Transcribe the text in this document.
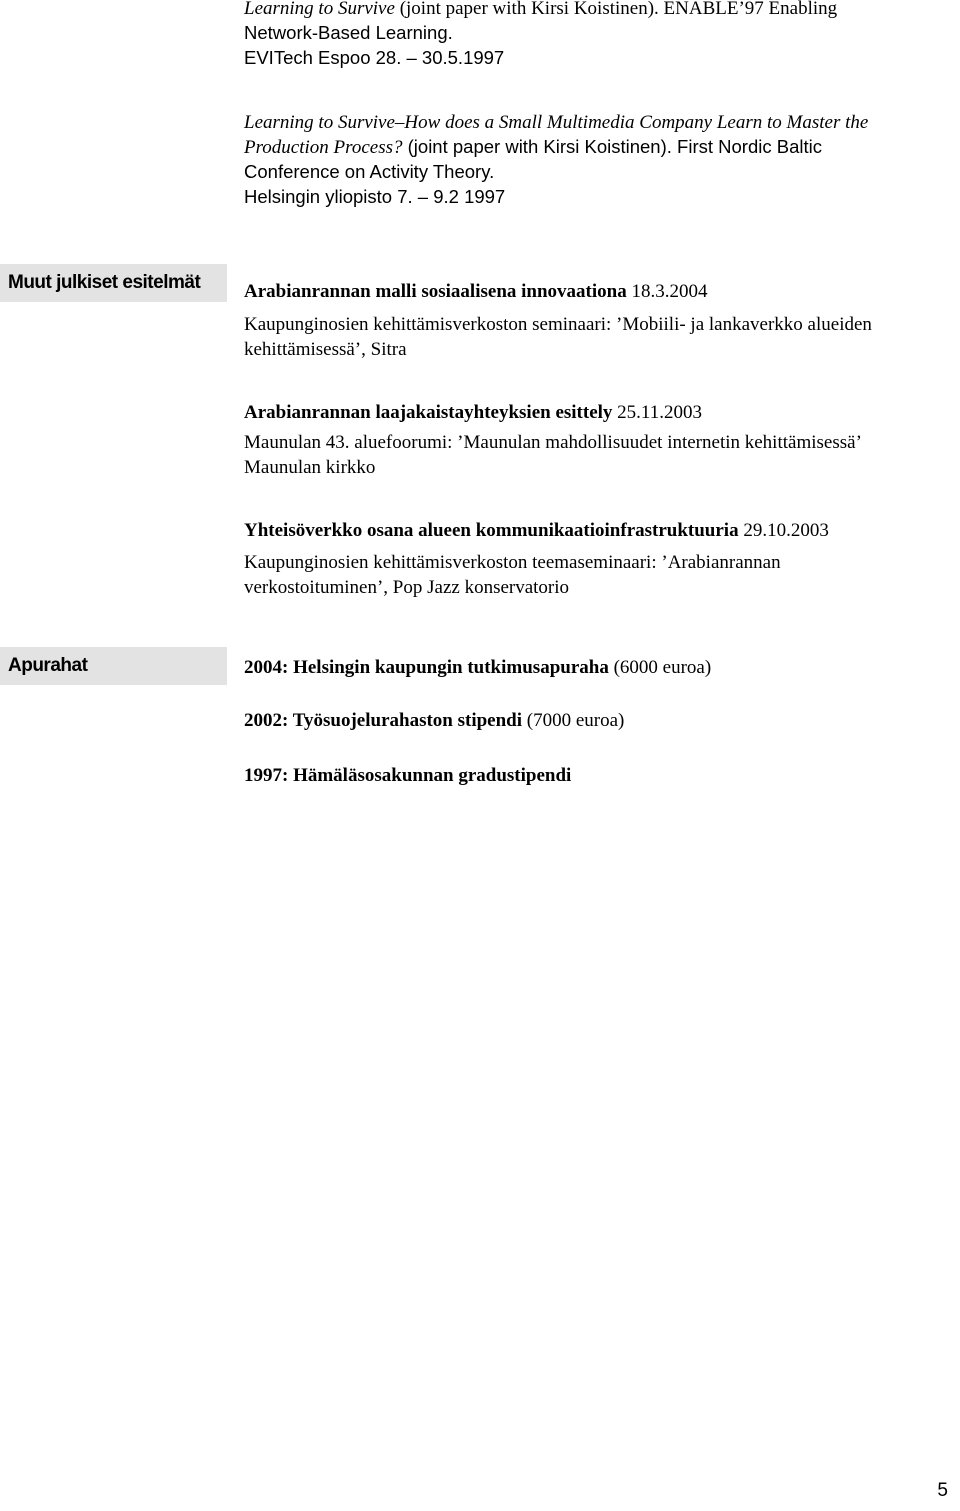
Learning to Survive (joint paper with Kirsi Koistinen). ENABLE’97 Enabling
Network-Based Learning.
EVITech Espoo 28. – 30.5.1997
Learning to Survive–How does a Small Multimedia Company Learn to Master the
Production Process? (joint paper with Kirsi Koistinen). First Nordic Baltic
Conference on Activity Theory.
Helsingin yliopisto 7. – 9.2 1997
Muut julkiset esitelmät	Arabianrannan malli sosiaalisena innovaationa 18.3.2004
Kaupunginosien kehittämisverkoston seminaari: ’Mobiili- ja lankaverkko alueiden
kehittämisessä’, Sitra
Arabianrannan laajakaistayhteyksien esittely 25.11.2003
Maunulan 43. aluefoorumi: ’Maunulan mahdollisuudet internetin kehittämisessä’
Maunulan kirkko
Yhteisöverkko osana alueen kommunikaatioinfrastruktuuria 29.10.2003
Kaupunginosien kehittämisverkoston teemaseminaari: ’Arabianrannan
verkostoituminen’, Pop Jazz konservatorio
Apurahat	2004: Helsingin kaupungin tutkimusapuraha (6000 euroa)
2002: Työsuojelurahaston stipendi (7000 euroa)
1997: Hämäläsosakunnan gradustipendi
5
